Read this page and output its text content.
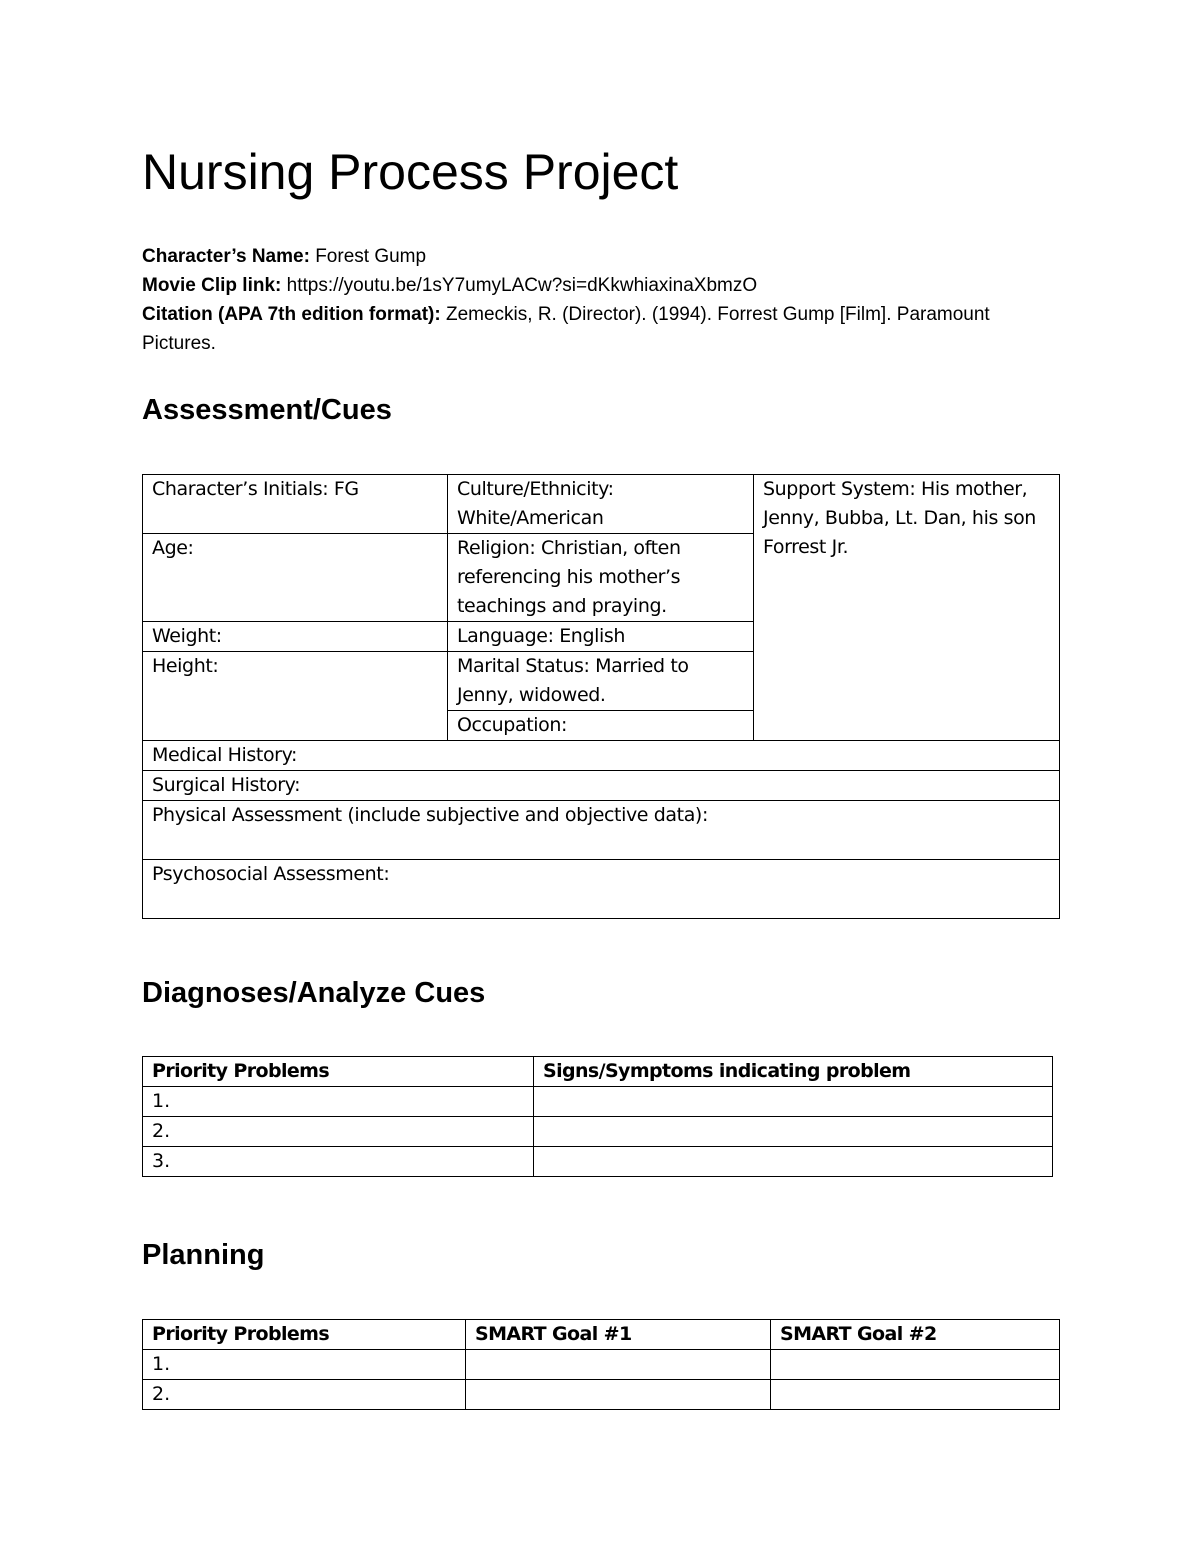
Nursing Process Project
Character’s Name: Forest Gump
Movie Clip link: https://youtu.be/1sY7umyLACw?si=dKkwhiaxinaXbmzO
Citation (APA 7th edition format): Zemeckis, R. (Director). (1994). Forrest Gump [Film]. Paramount Pictures.
Assessment/Cues
Character’s Initials: FG	Culture/Ethnicity: White/American	Support System: His mother, Jenny, Bubba, Lt. Dan, his son Forrest Jr.
Age:	Religion: Christian, often referencing his mother’s teachings and praying.	
Weight:	Language: English	
Height:	Marital Status: Married to Jenny, widowed.	
	Occupation:	

Medical History:		
Surgical History:		
Physical Assessment (include subjective and objective data):		
Psychosocial Assessment:		
Diagnoses/Analyze Cues
Priority Problems	Signs/Symptoms indicating problem
1.	
2.	
3.	
Planning
Priority Problems	SMART Goal #1	SMART Goal #2
1.		
2.		
